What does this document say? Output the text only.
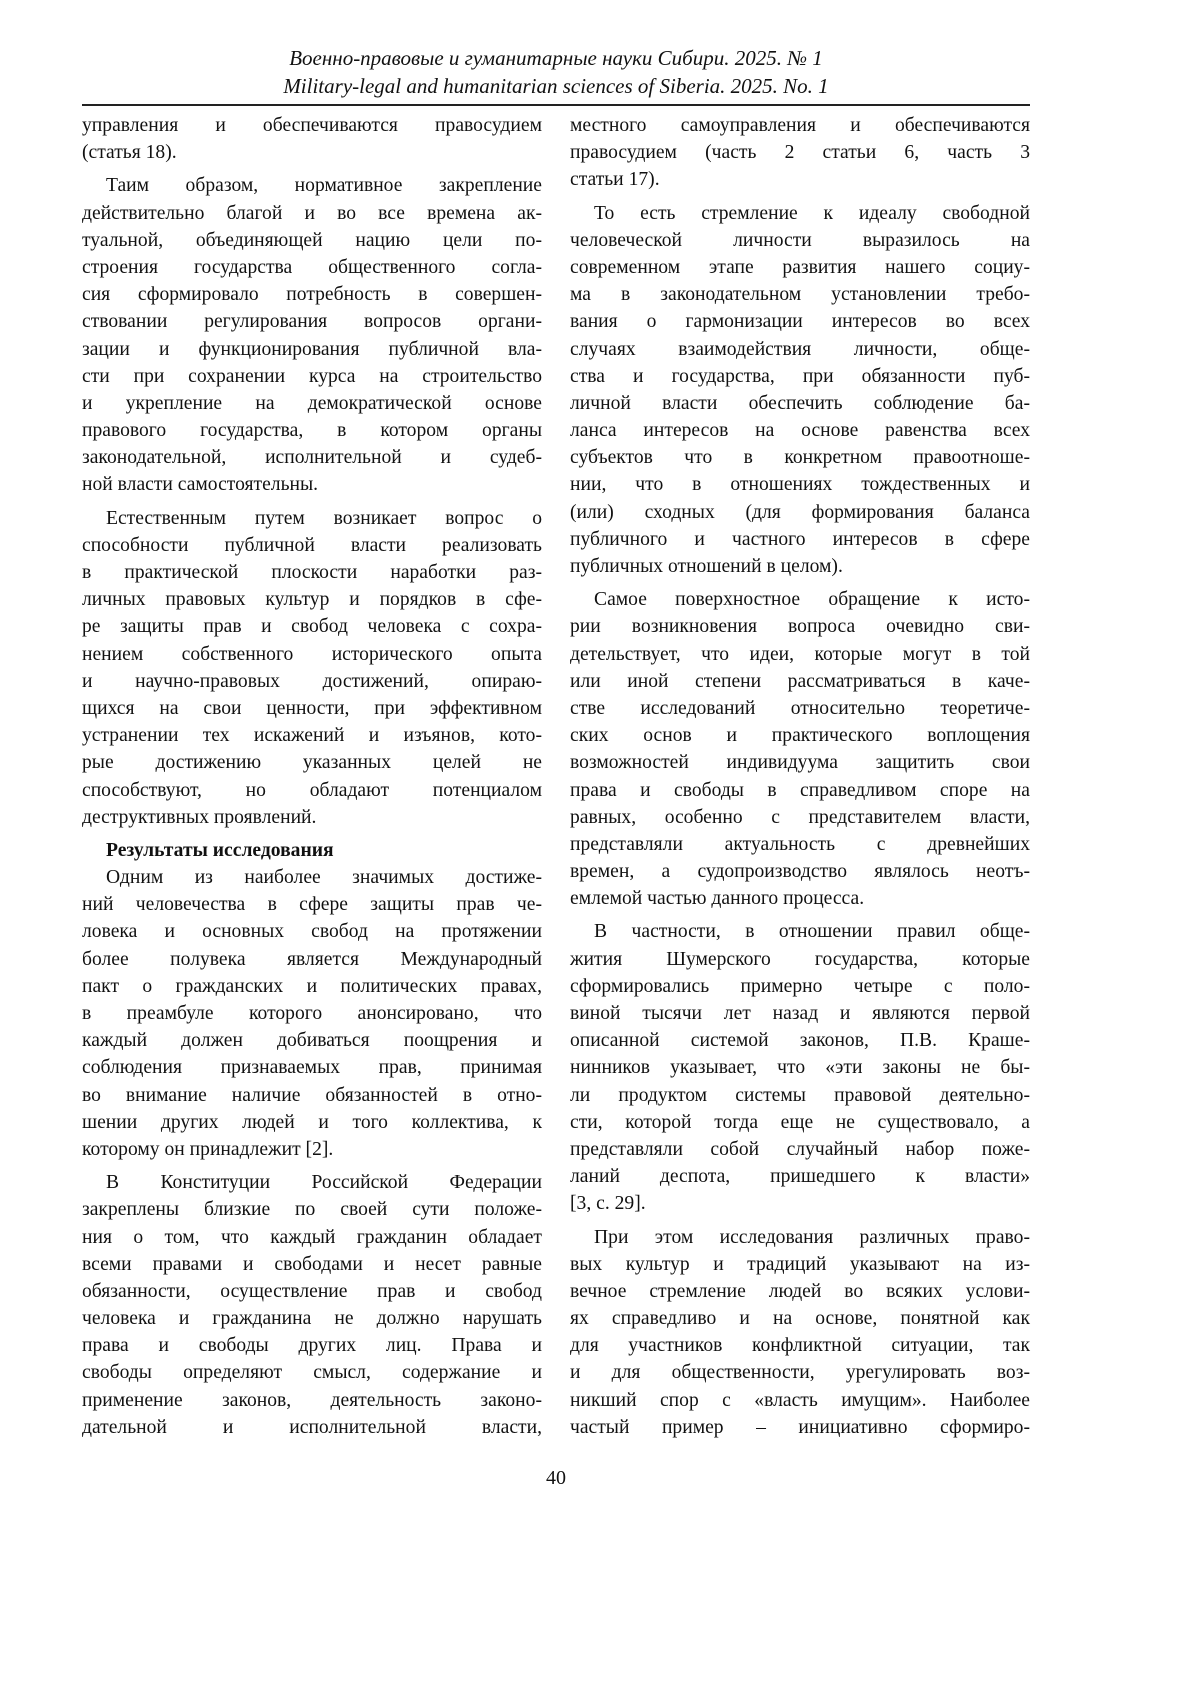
Военно-правовые и гуманитарные науки Сибири. 2025. № 1
Military-legal and humanitarian sciences of Siberia. 2025. No. 1
управления и обеспечиваются правосудием
(статья 18).
Таим образом, нормативное закрепление
действительно благой и во все времена ак-
туальной, объединяющей нацию цели по-
строения государства общественного согла-
сия сформировало потребность в совершен-
ствовании регулирования вопросов органи-
зации и функционирования публичной вла-
сти при сохранении курса на строительство
и укрепление на демократической основе
правового государства, в котором органы
законодательной, исполнительной и судеб-
ной власти самостоятельны.
Естественным путем возникает вопрос о
способности публичной власти реализовать
в практической плоскости наработки раз-
личных правовых культур и порядков в сфе-
ре защиты прав и свобод человека с сохра-
нением собственного исторического опыта
и научно-правовых достижений, опираю-
щихся на свои ценности, при эффективном
устранении тех искажений и изъянов, кото-
рые достижению указанных целей не
способствуют, но обладают потенциалом
деструктивных проявлений.
Результаты исследования
Одним из наиболее значимых достиже-
ний человечества в сфере защиты прав че-
ловека и основных свобод на протяжении
более полувека является Международный
пакт о гражданских и политических правах,
в преамбуле которого анонсировано, что
каждый должен добиваться поощрения и
соблюдения признаваемых прав, принимая
во внимание наличие обязанностей в отно-
шении других людей и того коллектива, к
которому он принадлежит [2].
В Конституции Российской Федерации
закреплены близкие по своей сути положе-
ния о том, что каждый гражданин обладает
всеми правами и свободами и несет равные
обязанности, осуществление прав и свобод
человека и гражданина не должно нарушать
права и свободы других лиц. Права и
свободы определяют смысл, содержание и
применение законов, деятельность законо-
дательной и исполнительной власти,
местного самоуправления и обеспечиваются
правосудием (часть 2 статьи 6, часть 3
статьи 17).
То есть стремление к идеалу свободной
человеческой личности выразилось на
современном этапе развития нашего социу-
ма в законодательном установлении требо-
вания о гармонизации интересов во всех
случаях взаимодействия личности, обще-
ства и государства, при обязанности пуб-
личной власти обеспечить соблюдение ба-
ланса интересов на основе равенства всех
субъектов что в конкретном правоотноше-
нии, что в отношениях тождественных и
(или) сходных (для формирования баланса
публичного и частного интересов в сфере
публичных отношений в целом).
Самое поверхностное обращение к исто-
рии возникновения вопроса очевидно сви-
детельствует, что идеи, которые могут в той
или иной степени рассматриваться в каче-
стве исследований относительно теоретиче-
ских основ и практического воплощения
возможностей индивидуума защитить свои
права и свободы в справедливом споре на
равных, особенно с представителем власти,
представляли актуальность с древнейших
времен, а судопроизводство являлось неотъ-
емлемой частью данного процесса.
В частности, в отношении правил обще-
жития Шумерского государства, которые
сформировались примерно четыре с поло-
виной тысячи лет назад и являются первой
описанной системой законов, П.В. Краше-
нинников указывает, что «эти законы не бы-
ли продуктом системы правовой деятельно-
сти, которой тогда еще не существовало, а
представляли собой случайный набор поже-
ланий деспота, пришедшего к власти»
[3, с. 29].
При этом исследования различных право-
вых культур и традиций указывают на из-
вечное стремление людей во всяких услови-
ях справедливо и на основе, понятной как
для участников конфликтной ситуации, так
и для общественности, урегулировать воз-
никший спор с «власть имущим». Наиболее
частый пример – инициативно сформиро-
40
